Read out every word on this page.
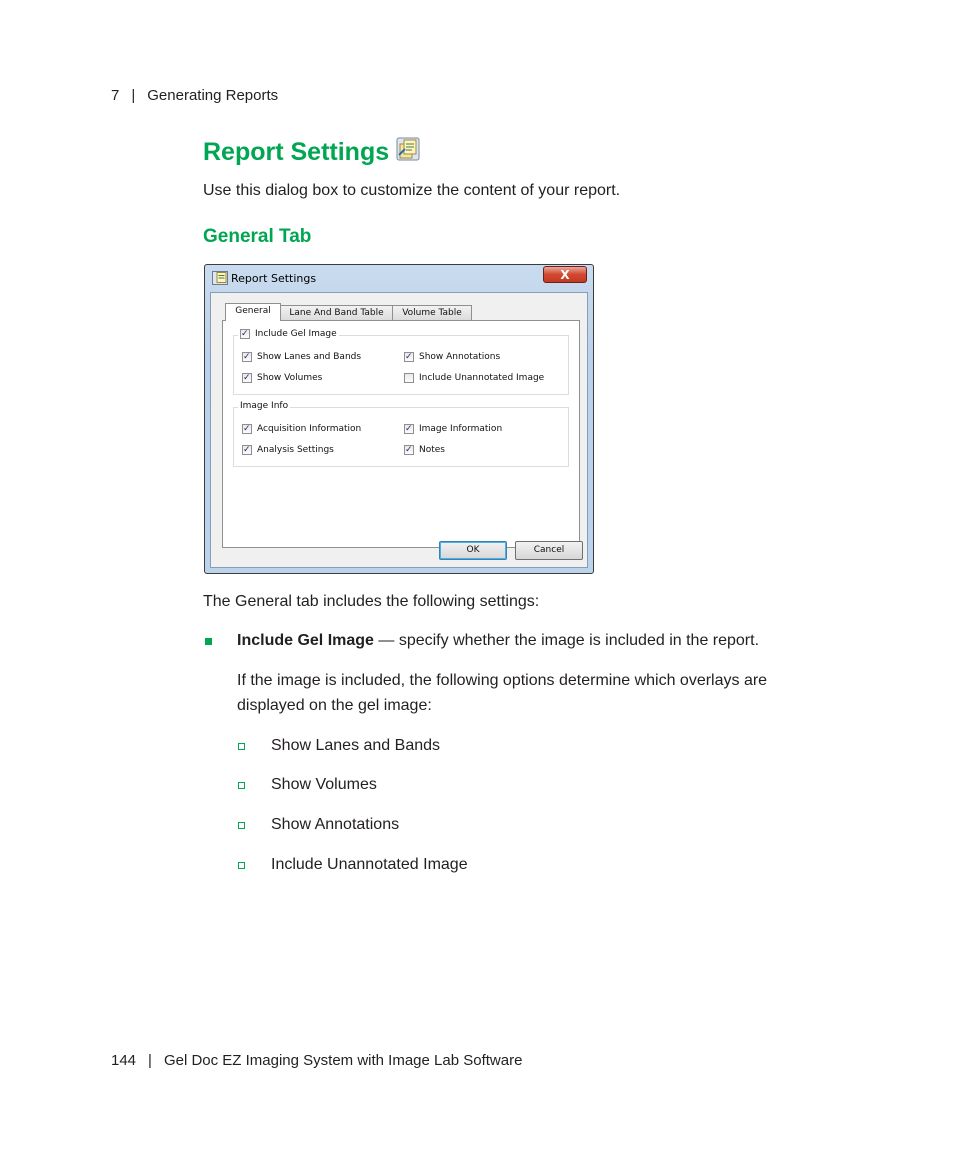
7 | Generating Reports
Report Settings
Use this dialog box to customize the content of your report.
General Tab
Report Settings	X
General	Lane And Band Table	Volume Table
✓
Include Gel Image
✓
Show Lanes and Bands ✓	Show Annotations
✓
Show Volumes	Include Unannotated Image
Image Info
✓
Acquisition Information ✓	Image Information
✓
Analysis Settings ✓	Notes
OK	Cancel
The General tab includes the following settings:
Include Gel Image — specify whether the image is included in the report.
If the image is included, the following options determine which overlays are
displayed on the gel image:
Show Lanes and Bands
Show Volumes
Show Annotations
Include Unannotated Image
144 | Gel Doc EZ Imaging System with Image Lab Software
